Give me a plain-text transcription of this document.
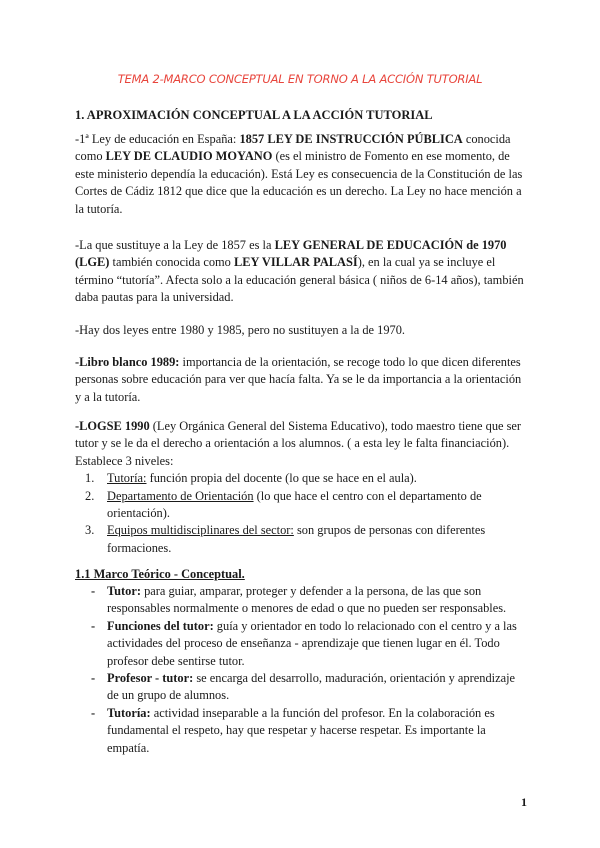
TEMA 2-MARCO CONCEPTUAL EN TORNO A LA ACCIÓN TUTORIAL
1. APROXIMACIÓN CONCEPTUAL A LA ACCIÓN TUTORIAL

-1ª Ley de educación en España: 1857 LEY DE INSTRUCCIÓN PÚBLICA conocida como LEY DE CLAUDIO MOYANO (es el ministro de Fomento en ese momento, de este ministerio dependía la educación). Está Ley es consecuencia de la Constitución de las Cortes de Cádiz 1812 que dice que la educación es un derecho. La Ley no hace mención a la tutoría.

-La que sustituye a la Ley de 1857 es la LEY GENERAL DE EDUCACIÓN de 1970 (LGE) también conocida como LEY VILLAR PALASÍ), en la cual ya se incluye el término “tutoría”. Afecta solo a la educación general básica ( niños de 6-14 años), también daba pautas para la universidad.

-Hay dos leyes entre 1980 y 1985, pero no sustituyen a la de 1970.

-Libro blanco 1989: importancia de la orientación, se recoge todo lo que dicen diferentes personas sobre educación para ver que hacía falta. Ya se le da importancia a la orientación y a la tutoría.

-LOGSE 1990 (Ley Orgánica General del Sistema Educativo), todo maestro tiene que ser tutor y se le da el derecho a orientación a los alumnos. ( a esta ley le falta financiación). Establece 3 niveles:

1. Tutoría: función propia del docente (lo que se hace en el aula).
2. Departamento de Orientación (lo que hace el centro con el departamento de orientación).
3. Equipos multidisciplinares del sector: son grupos de personas con diferentes formaciones.
1.1 Marco Teórico - Conceptual.
- Tutor: para guiar, amparar, proteger y defender a la persona, de las que son responsables normalmente o menores de edad o que no pueden ser responsables.
- Funciones del tutor: guía y orientador en todo lo relacionado con el centro y a las actividades del proceso de enseñanza - aprendizaje que tienen lugar en él. Todo profesor debe sentirse tutor.
- Profesor - tutor: se encarga del desarrollo, maduración, orientación y aprendizaje de un grupo de alumnos.
- Tutoría: actividad inseparable a la función del profesor. En la colaboración es fundamental el respeto, hay que respetar y hacerse respetar. Es importante la empatía.
1
